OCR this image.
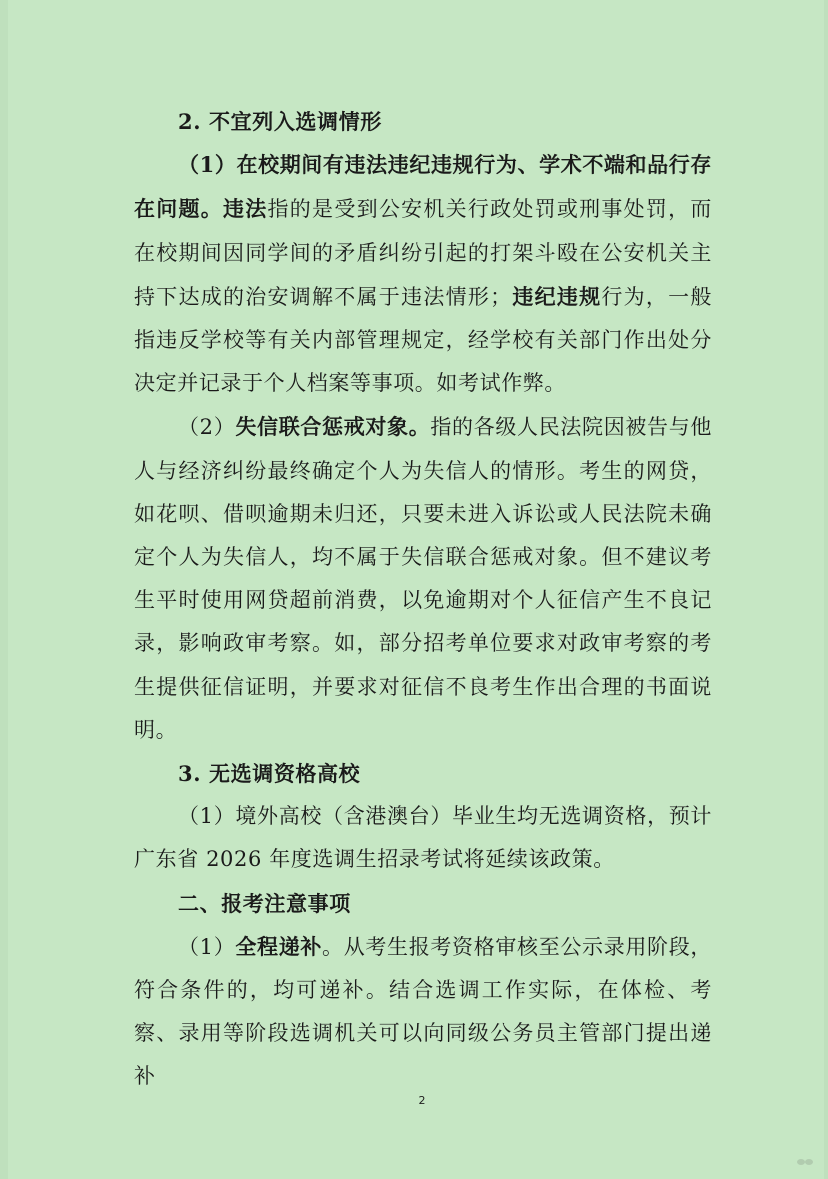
2. 不宜列入选调情形

（1）在校期间有违法违纪违规行为、学术不端和品行存在问题。违法指的是受到公安机关行政处罚或刑事处罚，而在校期间因同学间的矛盾纠纷引起的打架斗殴在公安机关主持下达成的治安调解不属于违法情形；违纪违规行为，一般指违反学校等有关内部管理规定，经学校有关部门作出处分决定并记录于个人档案等事项。如考试作弊。

（2）失信联合惩戒对象。指的各级人民法院因被告与他人与经济纠纷最终确定个人为失信人的情形。考生的网贷，如花呗、借呗逾期未归还，只要未进入诉讼或人民法院未确定个人为失信人，均不属于失信联合惩戒对象。但不建议考生平时使用网贷超前消费，以免逾期对个人征信产生不良记录，影响政审考察。如，部分招考单位要求对政审考察的考生提供征信证明，并要求对征信不良考生作出合理的书面说明。

3. 无选调资格高校

（1）境外高校（含港澳台）毕业生均无选调资格，预计广东省 2026 年度选调生招录考试将延续该政策。

二、报考注意事项

（1）全程递补。从考生报考资格审核至公示录用阶段，符合条件的，均可递补。结合选调工作实际，在体检、考察、录用等阶段选调机关可以向同级公务员主管部门提出递补

2
